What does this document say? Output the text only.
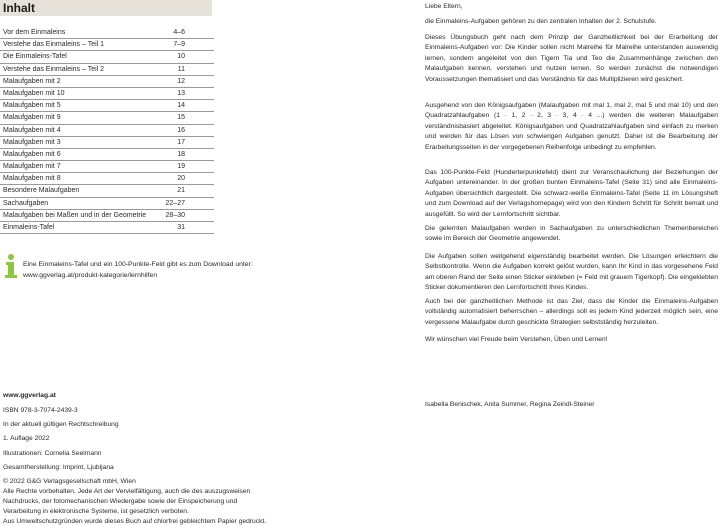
Inhalt
Vor dem Einmaleins	4–6
Verstehe das Einmaleins – Teil 1	7–9
Die Einmaleins-Tafel	10
Verstehe das Einmaleins – Teil 2	11
Malaufgaben mit 2	12
Malaufgaben mit 10	13
Malaufgaben mit 5	14
Malaufgaben mit 9	15
Malaufgaben mit 4	16
Malaufgaben mit 3	17
Malaufgaben mit 6	18
Malaufgaben mit 7	19
Malaufgaben mit 8	20
Besondere Malaufgaben	21
Sachaufgaben	22–27
Malaufgaben bei Maßen und in der Geometrie	28–30
Einmaleins-Tafel	31
Eine Einmaleins-Tafel und ein 100-Punkte-Feld gibt es zum Download unter:
www.ggverlag.at/produkt-kategorie/lernhilfen
www.ggverlag.at
ISBN 978-3-7074-2439-3
In der aktuell gültigen Rechtschreibung
1. Auflage 2022
Illustrationen: Cornelia Seelmann
Gesamtherstellung: Imprint, Ljubljana
© 2022 G&G Verlagsgesellschaft mbH, Wien
Alle Rechte vorbehalten. Jede Art der Vervielfältigung, auch die des auszugsweisen
Nachdrucks, der fotomechanischen Wiedergabe sowie der Einspeicherung und
Verarbeitung in elektronische Systeme, ist gesetzlich verboten.
Aus Umweltschutzgründen wurde dieses Buch auf chlorfrei gebleichtem Papier gedruckt.
Liebe Eltern,
die Einmaleins-Aufgaben gehören zu den zentralen Inhalten der 2. Schulstufe.
Dieses Übungsbuch geht nach dem Prinzip der Ganzheitlichkeit bei der Erarbeitung der Einmaleins-Aufgaben vor: Die Kinder sollen nicht Malreihe für Malreihe unterstanden auswendig lernen, sondern angeleitet von den Tigern Tia und Teo die Zusammenhänge zwischen den Malaufgaben kennen, verstehen und nutzen lernen. So werden zunächst die notwendigen Voraussetzungen thematisiert und das Verständnis für das Multiplizieren wird gesichert.
Ausgehend von den Königsaufgaben (Malaufgaben mit mal 1, mal 2, mal 5 und mal 10) und den Quadratzahlaufgaben (1 · 1, 2 · 2, 3 · 3, 4 · 4 ...) werden die weiteren Malaufgaben verständnisbasiert abgeleitet. Königsaufgaben und Quadratzahlaufgaben sind einfach zu merken und werden für das Lösen von schwierigen Aufgaben genutzt. Daher ist die Bearbeitung der Erarbeitungsseiten in der vorgegebenen Reihenfolge unbedingt zu empfehlen.
Das 100-Punkte-Feld (Hunderterpunktefeld) dient zur Veranschaulichung der Beziehungen der Aufgaben untereinander. In der großen bunten Einmaleins-Tafel (Seite 31) sind alle Einmaleins-Aufgaben übersichtlich dargestellt. Die schwarz-weiße Einmaleins-Tafel (Seite 11 im Lösungsheft und zum Download auf der Verlagshomepage) wird von den Kindern Schritt für Schritt bemalt und ausgefüllt. So wird der Lernfortschritt sichtbar.
Die gelernten Malaufgaben werden in Sachaufgaben zu unterschiedlichen Themenbereichen sowie im Bereich der Geometrie angewendet.
Die Aufgaben sollen weitgehend eigenständig bearbeitet werden. Die Lösungen erleichtern die Selbstkontrolle. Wenn die Aufgaben korrekt gelöst wurden, kann Ihr Kind in das vorgesehene Feld am oberen Rand der Seite einen Sticker einkleben (= Feld mit grauem Tigerkopf). Die eingeklebten Sticker dokumentieren den Lernfortschritt Ihres Kindes.
Auch bei der ganzheitlichen Methode ist das Ziel, dass die Kinder die Einmaleins-Aufgaben vollständig automatisiert beherrschen – allerdings soll es jedem Kind jederzeit möglich sein, eine vergessene Malaufgabe durch geschickte Strategien selbstständig herzuleiten.
Wir wünschen viel Freude beim Verstehen, Üben und Lernen!
Isabella Benischek, Anita Summer, Regina Zeindl-Steiner
